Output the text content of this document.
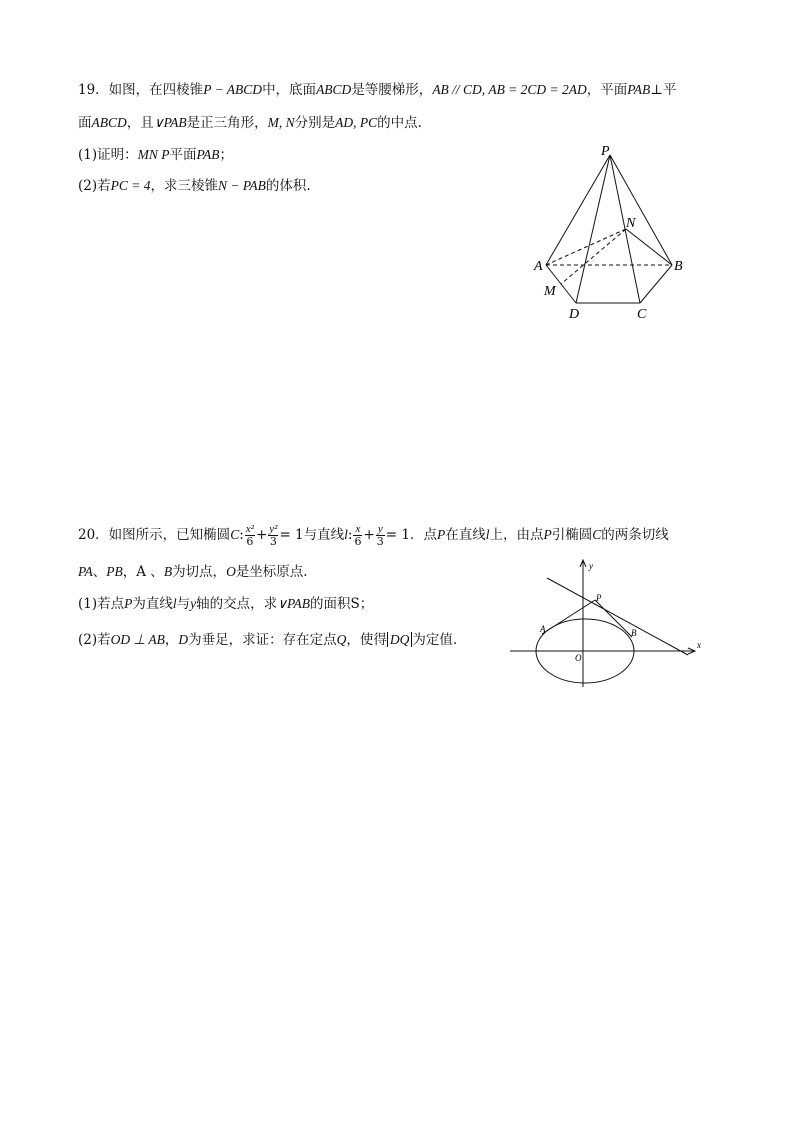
19．如图，在四棱锥P − ABCD中，底面ABCD是等腰梯形，AB // CD, AB = 2CD = 2AD，平面PAB⊥平
面ABCD，且∨PAB是正三角形，M, N分别是AD, PC的中点.
(1)证明：MN P平面PAB；
(2)若PC = 4，求三棱锥N − PAB的体积.
P
N
A	B
M
D	C
20．如图所示，已知椭圆C: $\frac{\text{x²}}{6} + \frac{\text{y²}}{3} = 1$与直线l: $\frac{x}{6} + \frac{y}{3} = 1$．点P在直线l上，由点P引椭圆C的两条切线
PA、PB，A 、B为切点，O是坐标原点.
(1)若点P为直线l与y轴的交点，求∨PAB的面积S；
(2)若OD ⊥ AB，D为垂足，求证：存在定点Q，使得 DQ 为定值.
y
x
P
A	B
O
